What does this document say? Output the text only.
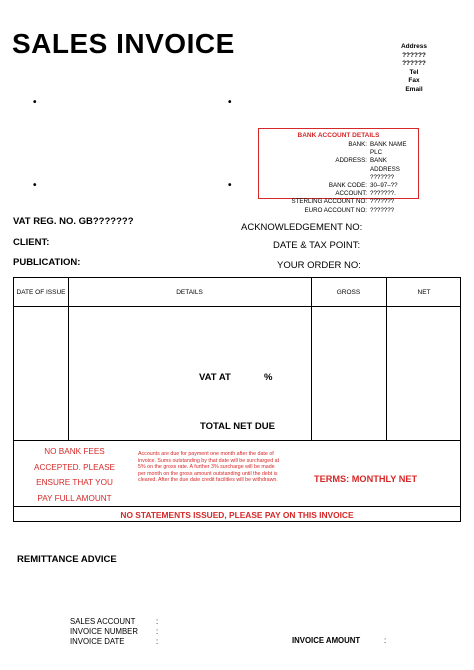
SALES INVOICE	Address
??????
??????
Tel
Fax
Email
•	•
•	•
BANK ACCOUNT DETAILS
BANK: BANK NAME PLC
ADDRESS: BANK ADDRESS
???????
BANK CODE: 30–97–??
ACCOUNT: ???????.
STERLING ACCOUNT NO: ???????
EURO ACCOUNT NO: ???????
VAT REG. NO. GB???????
CLIENT:
PUBLICATION:
ACKNOWLEDGEMENT NO:
DATE & TAX POINT:
YOUR ORDER NO:
DATE OF ISSUE	DETAILS	GROSS	NET
VAT AT	%
TOTAL NET DUE
NO BANK FEES
ACCEPTED. PLEASE
ENSURE THAT YOU
PAY FULL AMOUNT
Accounts are due for payment one month after the date of invoice. Sums outstanding by that date will be surcharged at 5% on the gross rate. A further 3% surcharge will be made per month on the gross amount outstanding until the debt is cleared. After the due date credit facilities will be withdrawn.	TERMS: MONTHLY NET
NO STATEMENTS ISSUED, PLEASE PAY ON THIS INVOICE
REMITTANCE ADVICE
SALES ACCOUNT	:
INVOICE NUMBER	:
INVOICE DATE	:	INVOICE AMOUNT	:
